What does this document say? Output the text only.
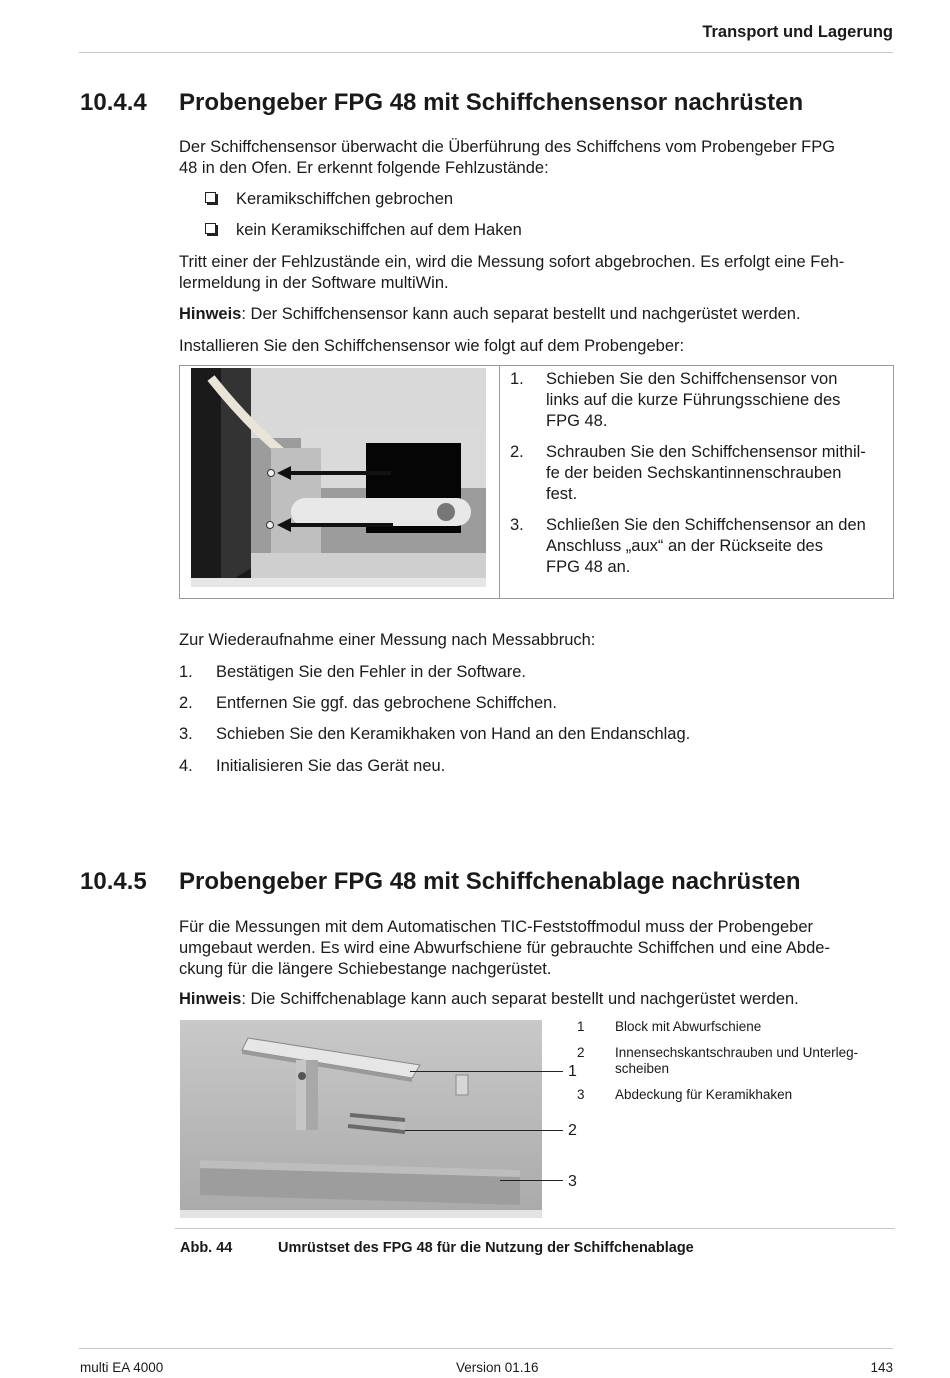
Transport und Lagerung
10.4.4 Probengeber FPG 48 mit Schiffchensensor nachrüsten
Der Schiffchensensor überwacht die Überführung des Schiffchens vom Probengeber FPG
48 in den Ofen. Er erkennt folgende Fehlzustände:
Keramikschiffchen gebrochen
kein Keramikschiffchen auf dem Haken
Tritt einer der Fehlzustände ein, wird die Messung sofort abgebrochen. Es erfolgt eine Feh-
lermeldung in der Software multiWin.
Hinweis: Der Schiffchensensor kann auch separat bestellt und nachgerüstet werden.
Installieren Sie den Schiffchensensor wie folgt auf dem Probengeber:
1. Schieben Sie den Schiffchensensor von
links auf die kurze Führungsschiene des
FPG 48.
2. Schrauben Sie den Schiffchensensor mithil-
fe der beiden Sechskantinnenschrauben
fest.
3. Schließen Sie den Schiffchensensor an den
Anschluss „aux“ an der Rückseite des
FPG 48 an.
Zur Wiederaufnahme einer Messung nach Messabbruch:
1. Bestätigen Sie den Fehler in der Software.
2. Entfernen Sie ggf. das gebrochene Schiffchen.
3. Schieben Sie den Keramikhaken von Hand an den Endanschlag.
4. Initialisieren Sie das Gerät neu.
10.4.5 Probengeber FPG 48 mit Schiffchenablage nachrüsten
Für die Messungen mit dem Automatischen TIC-Feststoffmodul muss der Probengeber
umgebaut werden. Es wird eine Abwurfschiene für gebrauchte Schiffchen und eine Abde-
ckung für die längere Schiebestange nachgerüstet.
Hinweis: Die Schiffchenablage kann auch separat bestellt und nachgerüstet werden.
1
2
3
1 Block mit Abwurfschiene
2 Innensechskantschrauben und Unterleg-
scheiben
3 Abdeckung für Keramikhaken
Abb. 44	Umrüstset des FPG 48 für die Nutzung der Schiffchenablage
multi EA 4000	Version 01.16	143
